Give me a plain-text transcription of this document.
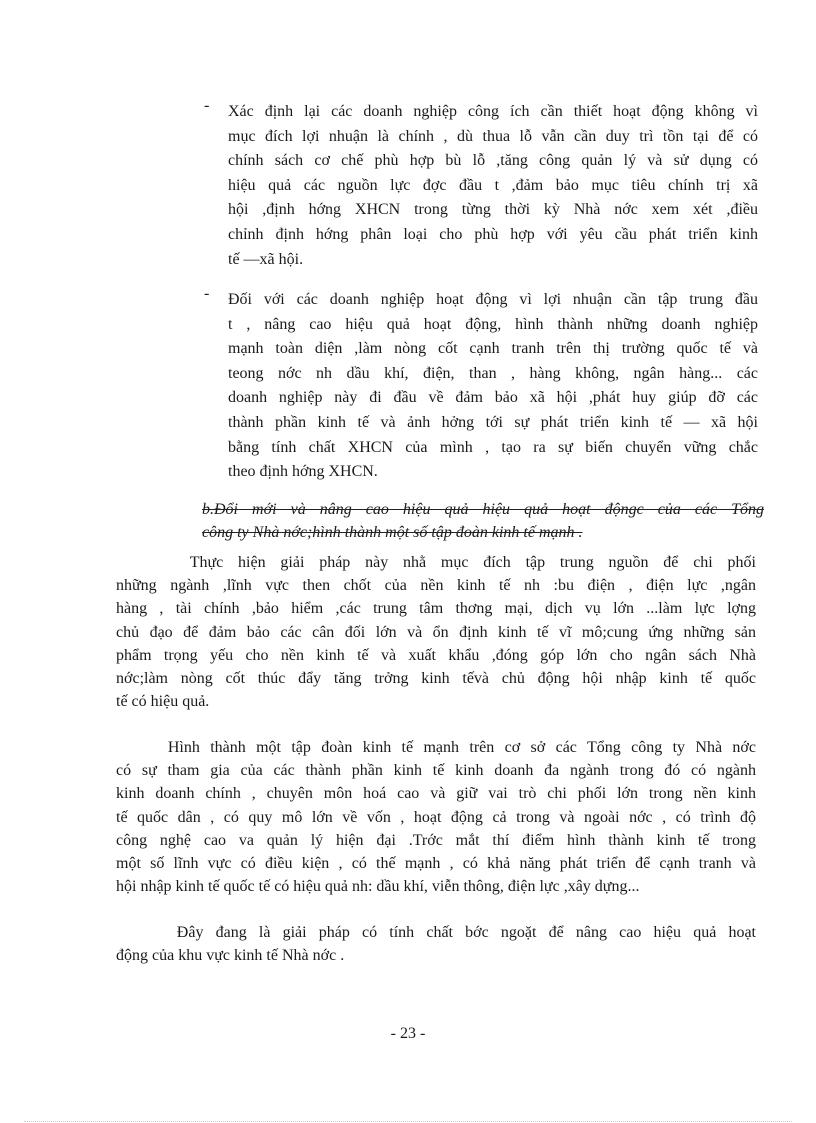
- Xác định lại các doanh nghiệp công ích cần thiết hoạt động không vì
mục đích lợi nhuận là chính , dù thua lỗ vẫn cần duy trì tồn tại để có
chính sách cơ chế phù hợp bù lỗ ,tăng công quản lý và sử dụng có
hiệu quả các nguồn lực đợc đầu t ,đảm bảo mục tiêu chính trị xã
hội ,định hớng XHCN trong từng thời kỳ Nhà nớc xem xét ,điều
chỉnh định hớng phân loại cho phù hợp với yêu cầu phát triển kinh
tế —xã hội.
- Đối với các doanh nghiệp hoạt động vì lợi nhuận cần tập trung đầu
t , nâng cao hiệu quả hoạt động, hình thành những doanh nghiệp
mạnh toàn diện ,làm nòng cốt cạnh tranh trên thị trường quốc tế và
teong nớc nh dầu khí, điện, than , hàng không, ngân hàng... các
doanh nghiệp này đi đầu về đảm bảo xã hội ,phát huy giúp đỡ các
thành phần kinh tế và ảnh hởng tới sự phát triển kinh tế — xã hội
bằng tính chất XHCN của mình , tạo ra sự biến chuyển vững chắc
theo định hớng XHCN.
b.Đổi mới và nâng cao hiệu quả hiệu quả hoạt độngc của các Tổng
công ty Nhà nớc;hình thành một số tập đoàn kinh tế mạnh .
Thực hiện giải pháp này nhằ mục đích tập trung nguồn để chi phối
những ngành ,lĩnh vực then chốt của nền kinh tế nh :bu điện , điện lực ,ngân
hàng , tài chính ,bảo hiểm ,các trung tâm thơng mại, dịch vụ lớn ...làm lực lợng
chủ đạo để đảm bảo các cân đối lớn và ổn định kinh tế vĩ mô;cung ứng những sản
phẩm trọng yếu cho nền kinh tế và xuất khẩu ,đóng góp lớn cho ngân sách Nhà
nớc;làm nòng cốt thúc đẩy tăng trởng kinh tếvà chủ động hội nhập kinh tế quốc
tế có hiệu quả.
Hình thành một tập đoàn kinh tế mạnh trên cơ sở các Tổng công ty Nhà nớc
có sự tham gia của các thành phần kinh tế kinh doanh đa ngành trong đó có ngành
kinh doanh chính , chuyên môn hoá cao và giữ vai trò chi phối lớn trong nền kinh
tế quốc dân , có quy mô lớn về vốn , hoạt động cả trong và ngoài nớc , có trình độ
công nghệ cao va quản lý hiện đại .Trớc mắt thí điểm hình thành kinh tế trong
một số lĩnh vực có điều kiện , có thế mạnh , có khả năng phát triển để cạnh tranh và
hội nhập kinh tế quốc tế có hiệu quả nh: dầu khí, viễn thông, điện lực ,xây dựng...
Đây đang là giải pháp có tính chất bớc ngoặt để nâng cao hiệu quả hoạt
động của khu vực kinh tế Nhà nớc .
- 23 -
